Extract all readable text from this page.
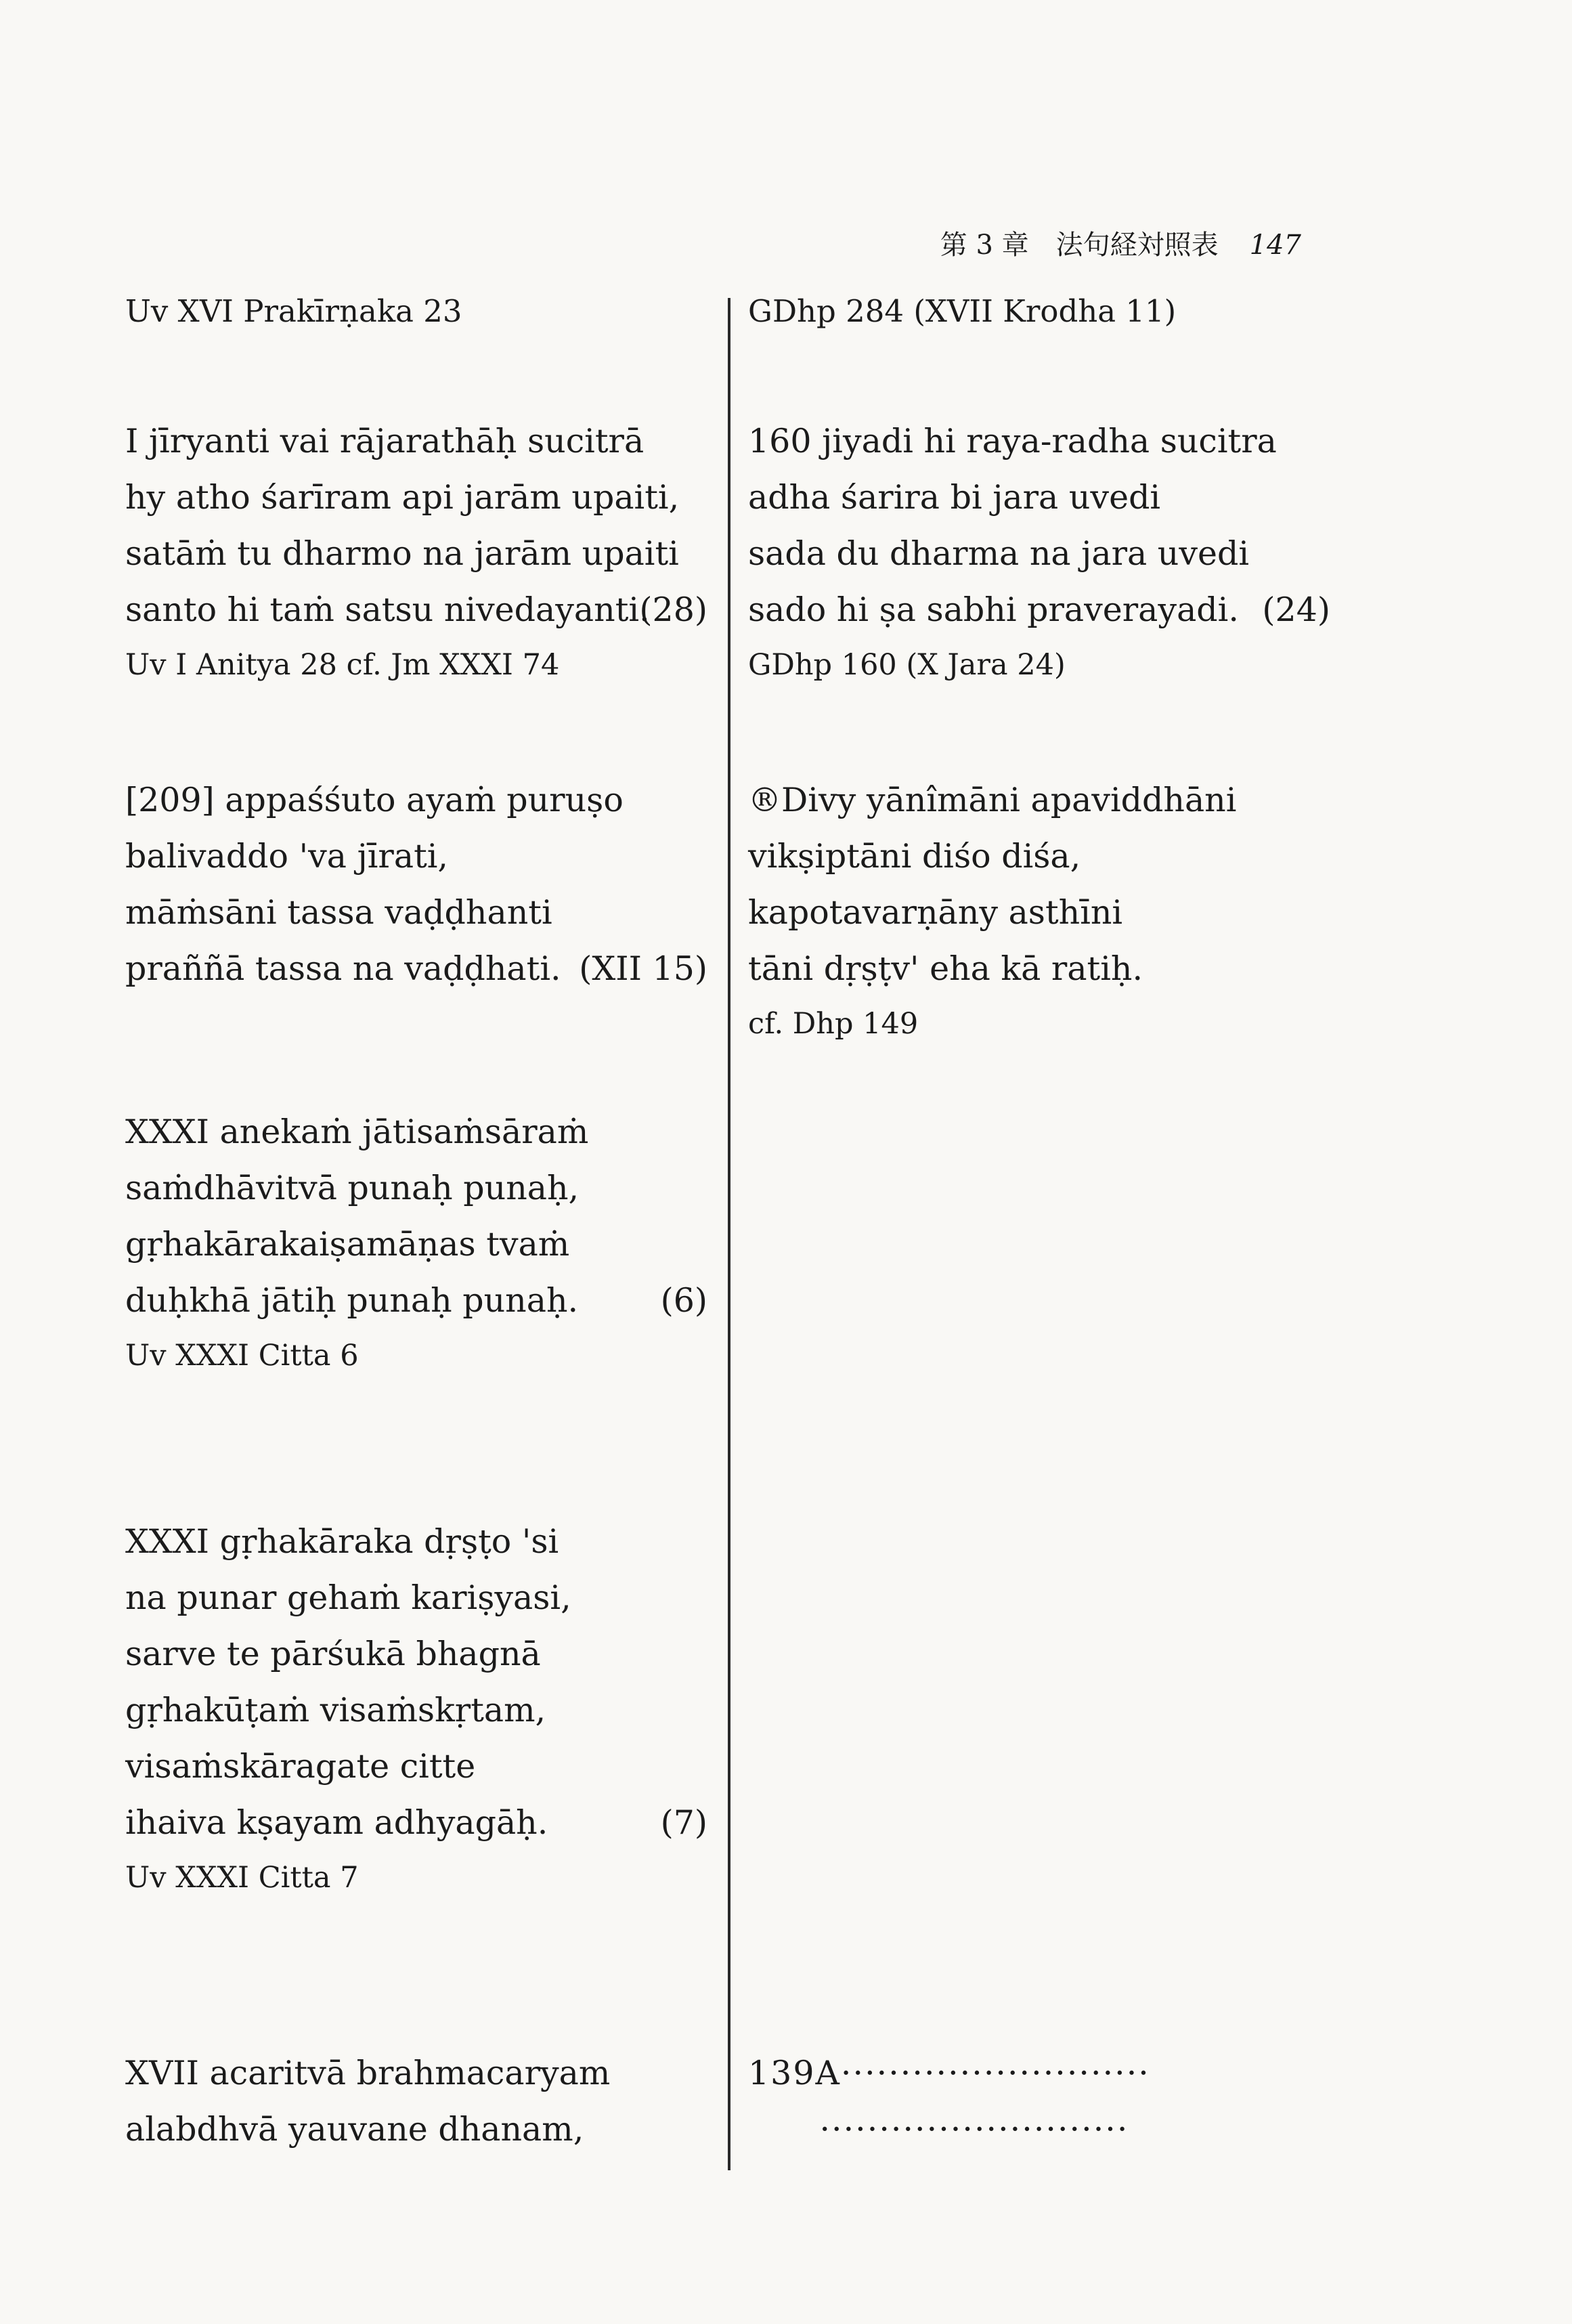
第 3 章　法句経対照表 147
Uv XVI Prakīrṇaka 23
I jīryanti vai rājarathāḥ sucitrā
hy atho śarīram api jarām upaiti,
satāṁ tu dharmo na jarām upaiti
santo hi taṁ satsu nivedayanti.
(28)
Uv I Anitya 28 cf. Jm XXXI 74
[209] appaśśuto ayaṁ puruṣo
balivaddo 'va jīrati,
māṁsāni tassa vaḍḍhanti
praññā tassa na vaḍḍhati. (XII 15)
XXXI anekaṁ jātisaṁsāraṁ
saṁdhāvitvā punaḥ punaḥ,
gṛhakārakaiṣamāṇas tvaṁ
duḥkhā jātiḥ punaḥ punaḥ. (6)
Uv XXXI Citta 6
XXXI gṛhakāraka dṛṣṭo 'si
na punar gehaṁ kariṣyasi,
sarve te pārśukā bhagnā
gṛhakūṭaṁ visaṁskṛtam,
visaṁskāragate citte
ihaiva kṣayam adhyagāḥ.	(7)
Uv XXXI Citta 7
XVII acaritvā brahmacaryam
alabdhvā yauvane dhanam,
GDhp 284 (XVII Krodha 11)
160 jiyadi hi raya-radha sucitra
adha śarira bi jara uvedi
sada du dharma na jara uvedi
sado hi ṣa sabhi praverayadi. (24)
GDhp 160 (X Jara 24)
®Divy yānîmāni apaviddhāni
vikṣiptāni diśo diśa,
kapotavarṇāny asthīni
tāni dṛṣṭv' eha kā ratiḥ.
cf. Dhp 149
139A··························
··························
